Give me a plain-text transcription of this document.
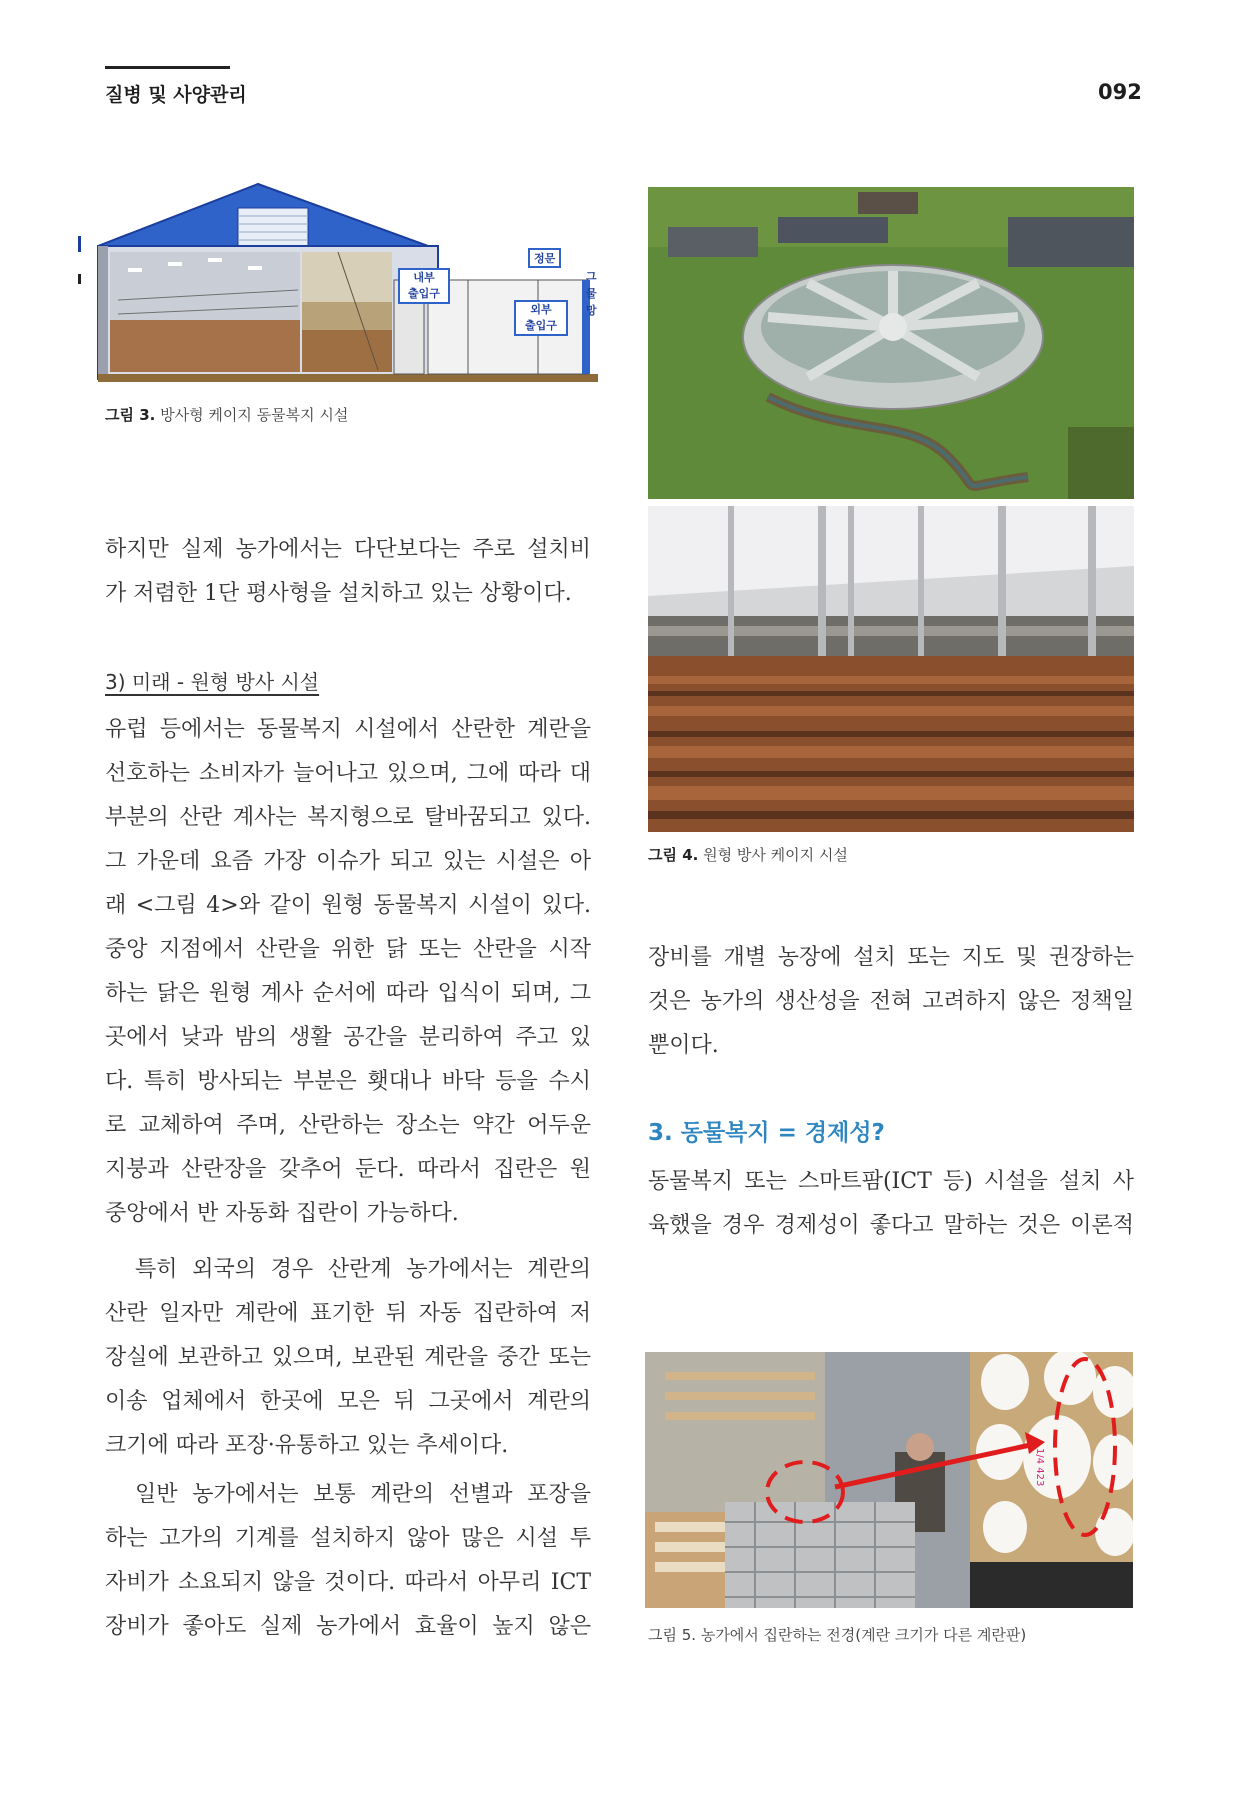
질병 및 사양관리	092
내부
출입구
정문
외부
출입구
그
물
망
그림 3. 방사형 케이지 동물복지 시설
그림 4. 원형 방사 케이지 시설
하지만 실제 농가에서는 다단보다는 주로 설치비
가 저렴한 1단 평사형을 설치하고 있는 상황이다.
3) 미래 - 원형 방사 시설
유럽 등에서는 동물복지 시설에서 산란한 계란을
선호하는 소비자가 늘어나고 있으며, 그에 따라 대
부분의 산란 계사는 복지형으로 탈바꿈되고 있다.
그 가운데 요즘 가장 이슈가 되고 있는 시설은 아
래 <그림 4>와 같이 원형 동물복지 시설이 있다.
중앙 지점에서 산란을 위한 닭 또는 산란을 시작
하는 닭은 원형 계사 순서에 따라 입식이 되며, 그
곳에서 낮과 밤의 생활 공간을 분리하여 주고 있
다. 특히 방사되는 부분은 횃대나 바닥 등을 수시
로 교체하여 주며, 산란하는 장소는 약간 어두운
지붕과 산란장을 갖추어 둔다. 따라서 집란은 원
중앙에서 반 자동화 집란이 가능하다.
특히 외국의 경우 산란계 농가에서는 계란의
산란 일자만 계란에 표기한 뒤 자동 집란하여 저
장실에 보관하고 있으며, 보관된 계란을 중간 또는
이송 업체에서 한곳에 모은 뒤 그곳에서 계란의
크기에 따라 포장·유통하고 있는 추세이다.
일반 농가에서는 보통 계란의 선별과 포장을
하는 고가의 기계를 설치하지 않아 많은 시설 투
자비가 소요되지 않을 것이다. 따라서 아무리 ICT
장비가 좋아도 실제 농가에서 효율이 높지 않은
장비를 개별 농장에 설치 또는 지도 및 권장하는
것은 농가의 생산성을 전혀 고려하지 않은 정책일
뿐이다.
3. 동물복지 = 경제성?
동물복지 또는 스마트팜(ICT 등) 시설을 설치 사
육했을 경우 경제성이 좋다고 말하는 것은 이론적
1/4 423
그림 5. 농가에서 집란하는 전경(계란 크기가 다른 계란판)
